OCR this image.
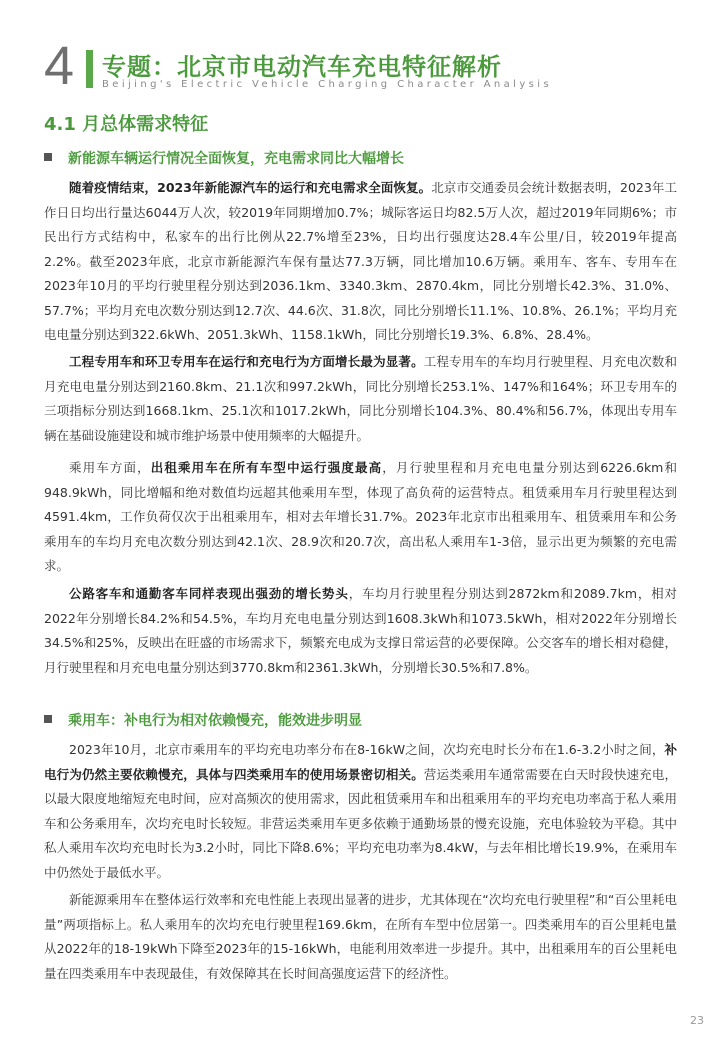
4 专题：北京市电动汽车充电特征解析
Beijing's Electric Vehicle Charging Character Analysis
4.1 月总体需求特征
新能源车辆运行情况全面恢复，充电需求同比大幅增长

随着疫情结束，2023年新能源汽车的运行和充电需求全面恢复。北京市交通委员会统计数据表明，2023年工作日日均出行量达6044万人次，较2019年同期增加0.7%；城际客运日均82.5万人次，超过2019年同期6%；市民出行方式结构中，私家车的出行比例从22.7%增至23%，日均出行强度达28.4车公里/日，较2019年提高2.2%。截至2023年底，北京市新能源汽车保有量达77.3万辆，同比增加10.6万辆。乘用车、客车、专用车在2023年10月的平均行驶里程分别达到2036.1km、3340.3km、2870.4km，同比分别增长42.3%、31.0%、57.7%；平均月充电次数分别达到12.7次、44.6次、31.8次，同比分别增长11.1%、10.8%、26.1%；平均月充电电量分别达到322.6kWh、2051.3kWh、1158.1kWh，同比分别增长19.3%、6.8%、28.4%。

工程专用车和环卫专用车在运行和充电行为方面增长最为显著。工程专用车的车均月行驶里程、月充电次数和月充电电量分别达到2160.8km、21.1次和997.2kWh，同比分别增长253.1%、147%和164%；环卫专用车的三项指标分别达到1668.1km、25.1次和1017.2kWh，同比分别增长104.3%、80.4%和56.7%，体现出专用车辆在基础设施建设和城市维护场景中使用频率的大幅提升。

乘用车方面，出租乘用车在所有车型中运行强度最高，月行驶里程和月充电电量分别达到6226.6km和948.9kWh，同比增幅和绝对数值均远超其他乘用车型，体现了高负荷的运营特点。租赁乘用车月行驶里程达到4591.4km，工作负荷仅次于出租乘用车，相对去年增长31.7%。2023年北京市出租乘用车、租赁乘用车和公务乘用车的车均月充电次数分别达到42.1次、28.9次和20.7次，高出私人乘用车1-3倍，显示出更为频繁的充电需求。

公路客车和通勤客车同样表现出强劲的增长势头，车均月行驶里程分别达到2872km和2089.7km，相对2022年分别增长84.2%和54.5%，车均月充电电量分别达到1608.3kWh和1073.5kWh，相对2022年分别增长34.5%和25%，反映出在旺盛的市场需求下，频繁充电成为支撑日常运营的必要保障。公交客车的增长相对稳健，月行驶里程和月充电电量分别达到3770.8km和2361.3kWh，分别增长30.5%和7.8%。

乘用车：补电行为相对依赖慢充，能效进步明显

2023年10月，北京市乘用车的平均充电功率分布在8-16kW之间，次均充电时长分布在1.6-3.2小时之间，补电行为仍然主要依赖慢充，具体与四类乘用车的使用场景密切相关。营运类乘用车通常需要在白天时段快速充电，以最大限度地缩短充电时间，应对高频次的使用需求，因此租赁乘用车和出租乘用车的平均充电功率高于私人乘用车和公务乘用车，次均充电时长较短。非营运类乘用车更多依赖于通勤场景的慢充设施，充电体验较为平稳。其中私人乘用车次均充电时长为3.2小时，同比下降8.6%；平均充电功率为8.4kW，与去年相比增长19.9%，在乘用车中仍然处于最低水平。

新能源乘用车在整体运行效率和充电性能上表现出显著的进步，尤其体现在“次均充电行驶里程”和“百公里耗电量”两项指标上。私人乘用车的次均充电行驶里程169.6km，在所有车型中位居第一。四类乘用车的百公里耗电量从2022年的18-19kWh下降至2023年的15-16kWh，电能利用效率进一步提升。其中，出租乘用车的百公里耗电量在四类乘用车中表现最佳，有效保障其在长时间高强度运营下的经济性。

23
